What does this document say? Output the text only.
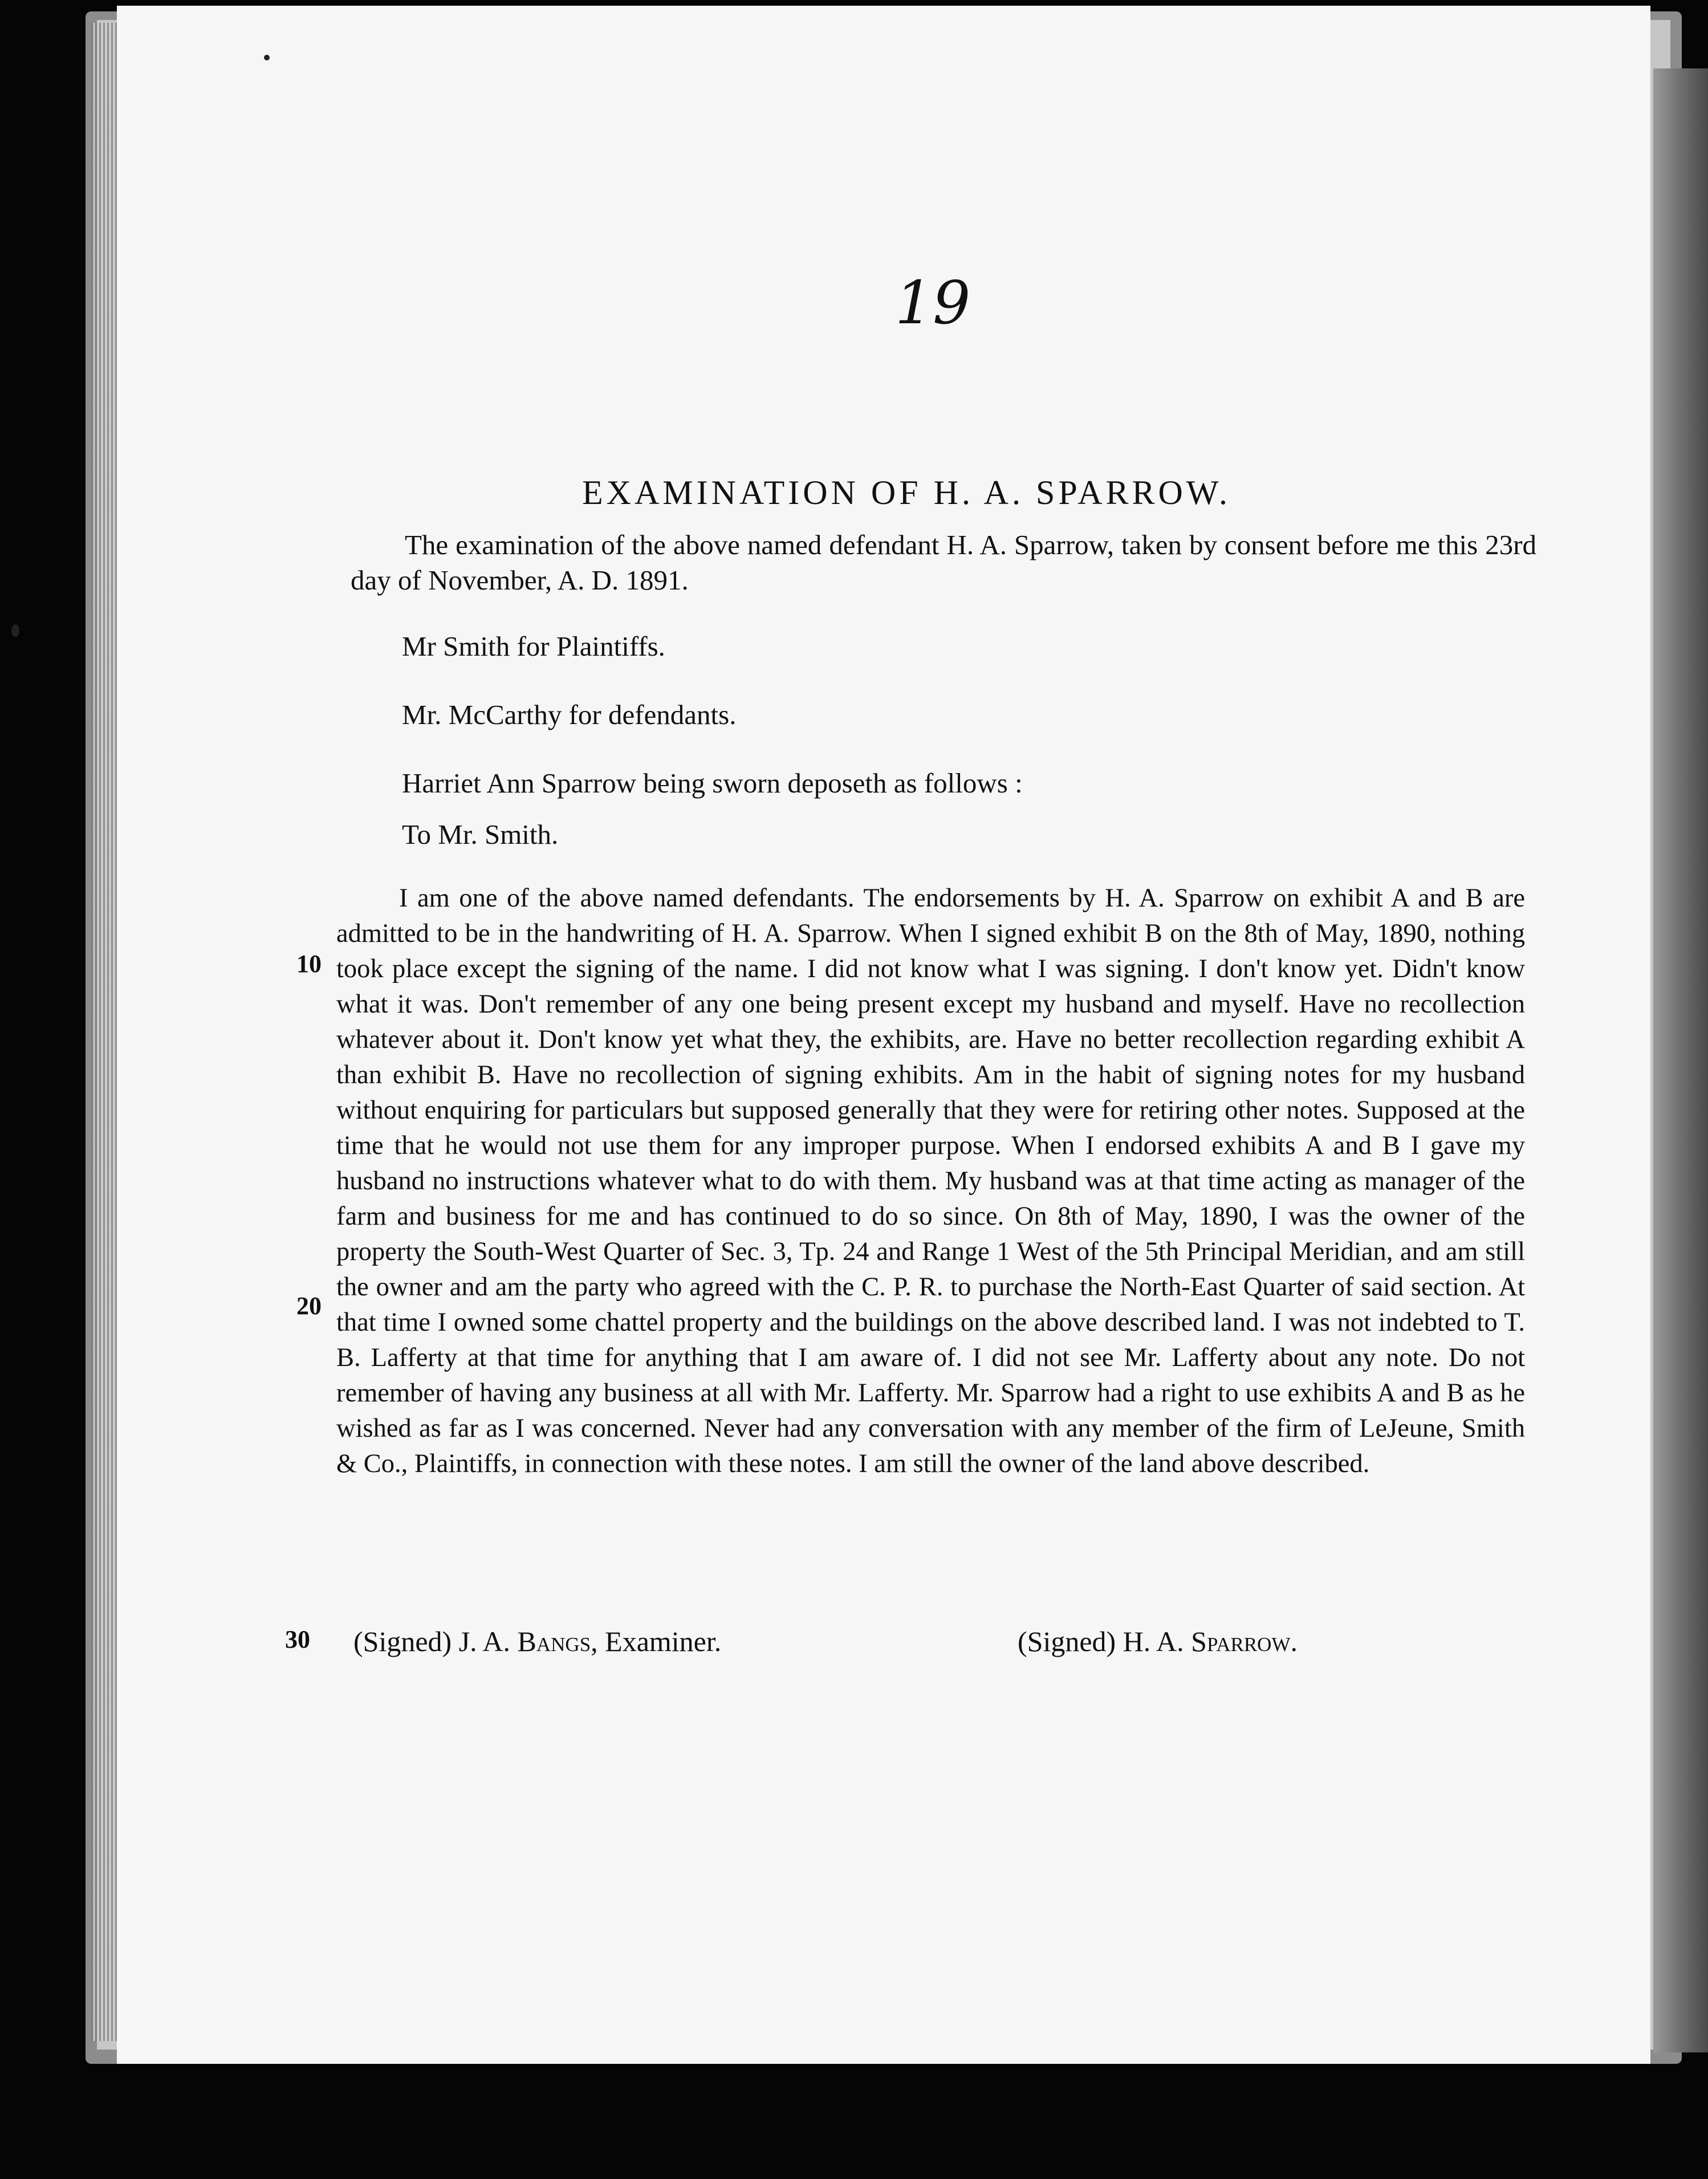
19
EXAMINATION OF H. A. SPARROW.
The examination of the above named defendant H. A. Sparrow, taken by consent before me this 23rd day of November, A. D. 1891.
Mr Smith for Plaintiffs.
Mr. McCarthy for defendants.
Harriet Ann Sparrow being sworn deposeth as follows :
To Mr. Smith.
I am one of the above named defendants. The endorsements by H. A. Sparrow on exhibit A and B are admitted to be in the handwriting of H. A. Sparrow. When I signed exhibit B on the 8th of May, 1890, nothing took place except the signing of the name. I did not know what I was signing. I don't know yet. Didn't know what it was. Don't remember of any one being present except my husband and myself. Have no recollection whatever about it. Don't know yet what they, the exhibits, are. Have no better recollection regarding exhibit A than exhibit B. Have no recollection of signing exhibits. Am in the habit of signing notes for my husband without enquiring for particulars but supposed generally that they were for retiring other notes. Supposed at the time that he would not use them for any improper purpose. When I endorsed exhibits A and B I gave my husband no instructions whatever what to do with them. My husband was at that time acting as manager of the farm and business for me and has continued to do so since. On 8th of May, 1890, I was the owner of the property the South-West Quarter of Sec. 3, Tp. 24 and Range 1 West of the 5th Principal Meridian, and am still the owner and am the party who agreed with the C. P. R. to purchase the North-East Quarter of said section. At that time I owned some chattel property and the buildings on the above described land. I was not indebted to T. B. Lafferty at that time for anything that I am aware of. I did not see Mr. Lafferty about any note. Do not remember of having any business at all with Mr. Lafferty. Mr. Sparrow had a right to use exhibits A and B as he wished as far as I was concerned. Never had any conversation with any member of the firm of LeJeune, Smith & Co., Plaintiffs, in connection with these notes. I am still the owner of the land above described.
10
20
30 (Signed) J. A. Bangs, Examiner.	(Signed) H. A. Sparrow.
